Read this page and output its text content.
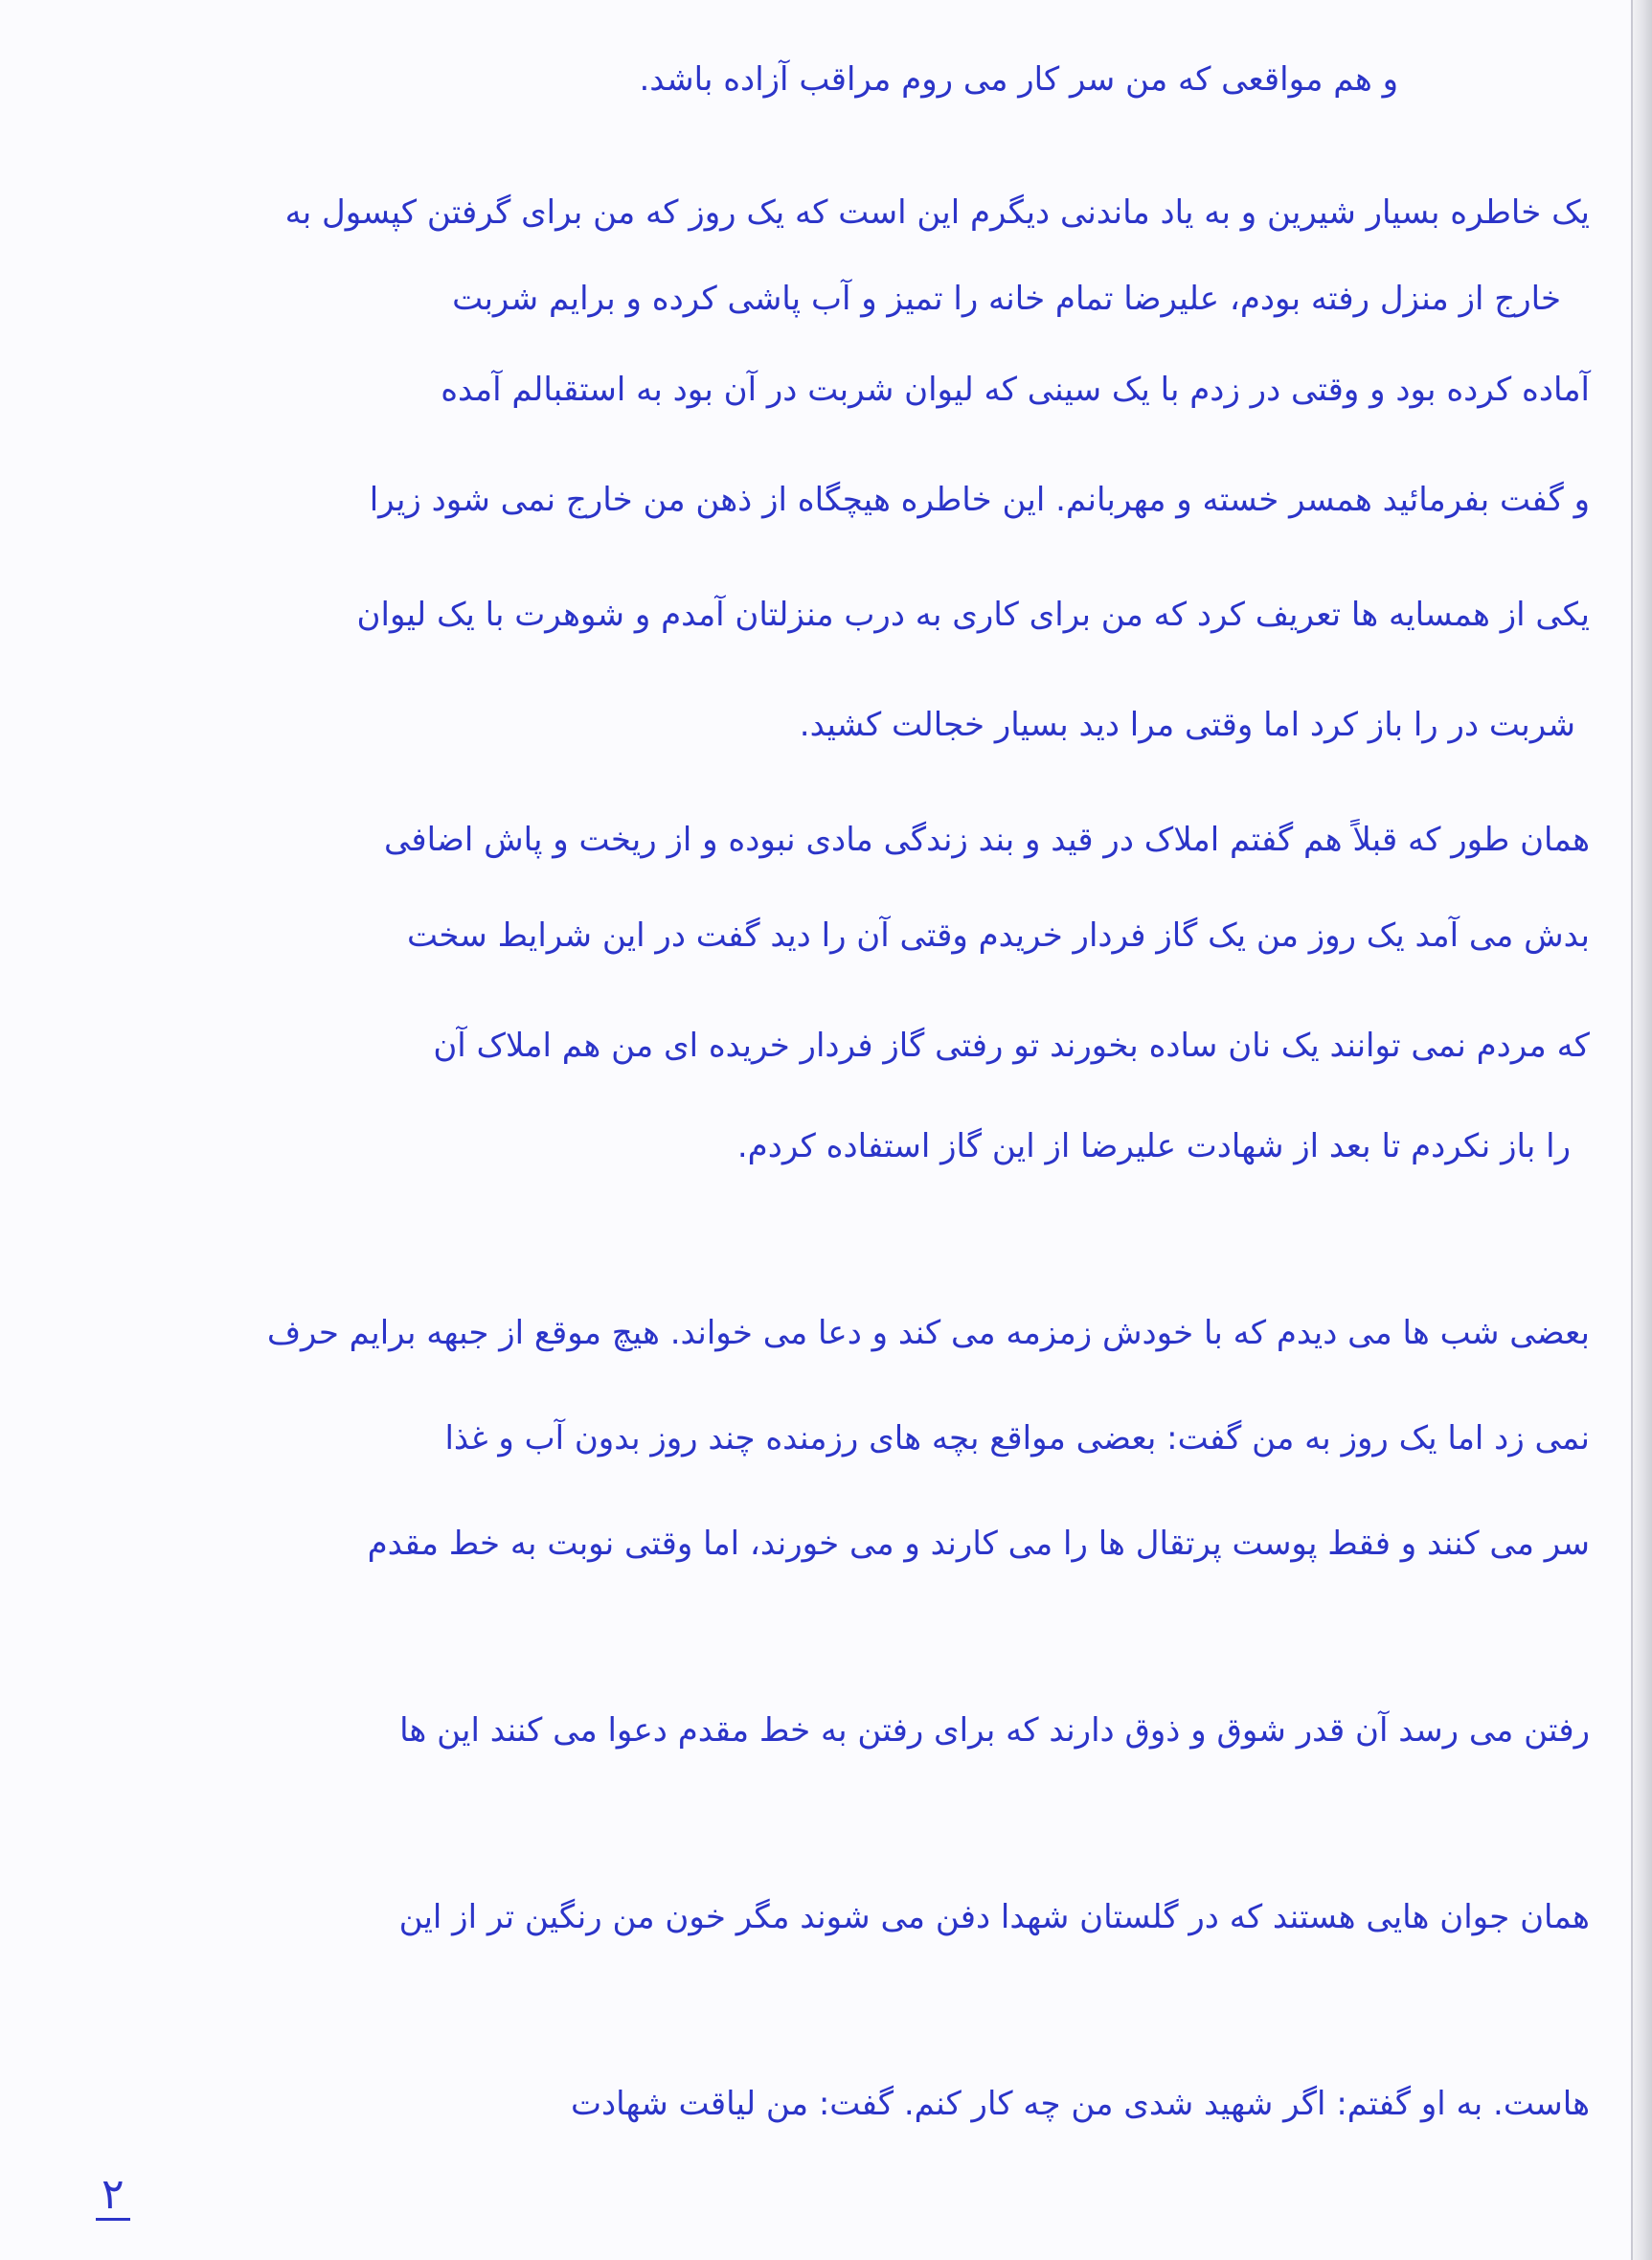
و هم مواقعی که من سر کار می روم مراقب آزاده باشد.
یک خاطره بسیار شیرین و به یاد ماندنی دیگرم این است که یک روز که من برای گرفتن کپسول به
خارج از منزل رفته بودم، علیرضا تمام خانه را تمیز و آب پاشی کرده و برایم شربت
آماده کرده بود و وقتی در زدم با یک سینی که لیوان شربت در آن بود به استقبالم آمده
و گفت بفرمائید همسر خسته و مهربانم. این خاطره هیچگاه از ذهن من خارج نمی شود زیرا
یکی از همسایه ها تعریف کرد که من برای کاری به درب منزلتان آمدم و شوهرت با یک لیوان
شربت در را باز کرد اما وقتی مرا دید بسیار خجالت کشید.
همان طور که قبلاً هم گفتم املاک در قید و بند زندگی مادی نبوده و از ریخت و پاش اضافی
بدش می آمد یک روز من یک گاز فردار خریدم وقتی آن را دید گفت در این شرایط سخت
که مردم نمی توانند یک نان ساده بخورند تو رفتی گاز فردار خریده ای من هم املاک آن
را باز نکردم تا بعد از شهادت علیرضا از این گاز استفاده کردم.
بعضی شب ها می دیدم که با خودش زمزمه می کند و دعا می خواند. هیچ موقع از جبهه برایم حرف
نمی زد اما یک روز به من گفت: بعضی مواقع بچه های رزمنده چند روز بدون آب و غذا
سر می کنند و فقط پوست پرتقال ها را می کارند و می خورند، اما وقتی نوبت به خط مقدم
رفتن می رسد آن قدر شوق و ذوق دارند که برای رفتن به خط مقدم دعوا می کنند این ها
همان جوان هایی هستند که در گلستان شهدا دفن می شوند مگر خون من رنگین تر از این
هاست. به او گفتم: اگر شهید شدی من چه کار کنم. گفت: من لیاقت شهادت
۲
